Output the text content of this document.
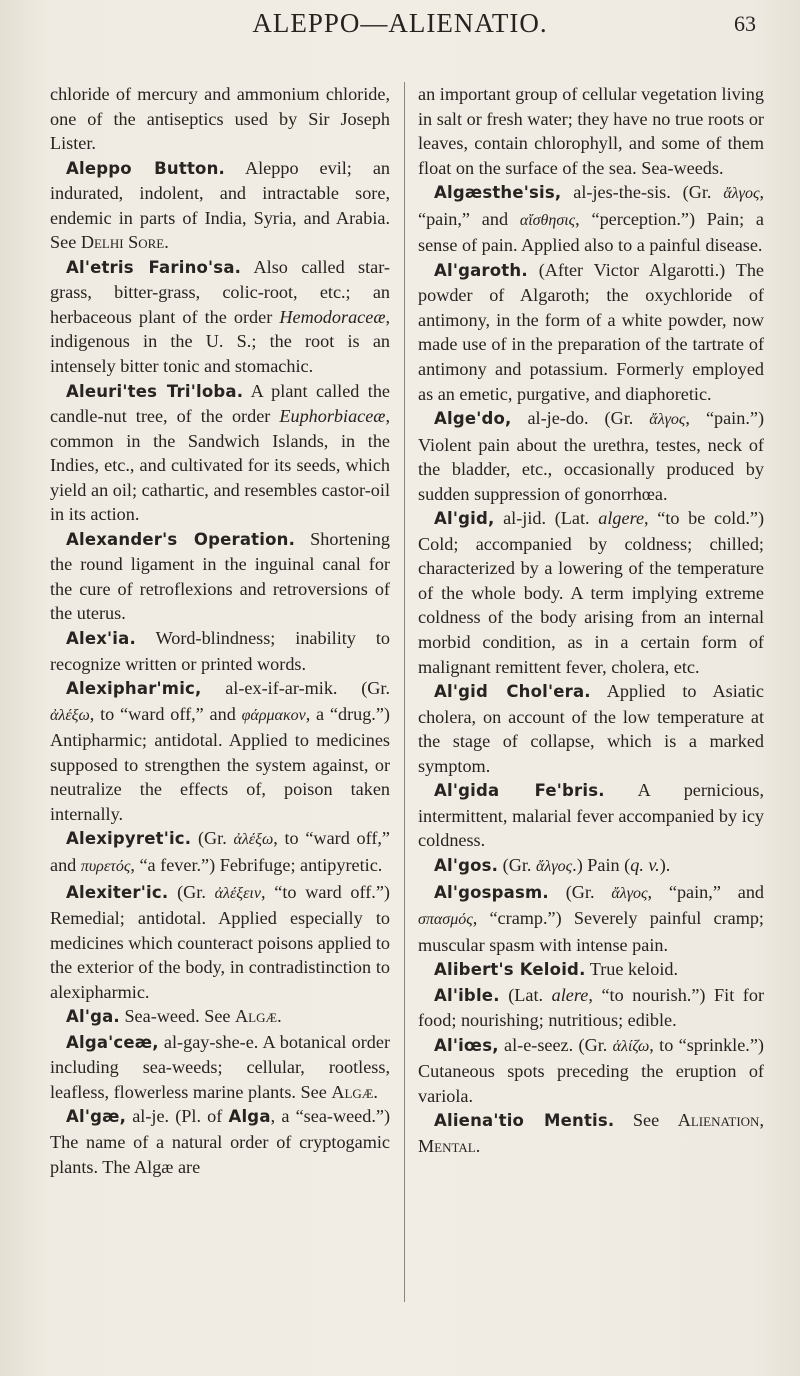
ALEPPO—ALIENATIO.	63

chloride of mercury and ammonium chloride, one of the antiseptics used by Sir Joseph Lister.

Aleppo Button. Aleppo evil; an indurated, indolent, and intractable sore, endemic in parts of India, Syria, and Arabia. See Delhi Sore.

Al'etris Farino'sa. Also called star-grass, bitter-grass, colic-root, etc.; an herbaceous plant of the order Hemodoraceæ, indigenous in the U. S.; the root is an intensely bitter tonic and stomachic.

Aleuri'tes Tri'loba. A plant called the candle-nut tree, of the order Euphorbiaceæ, common in the Sandwich Islands, in the Indies, etc., and cultivated for its seeds, which yield an oil; cathartic, and resembles castor-oil in its action.

Alexander's Operation. Shortening the round ligament in the inguinal canal for the cure of retroflexions and retroversions of the uterus.

Alex'ia. Word-blindness; inability to recognize written or printed words.

Alexiphar'mic, al-ex-if-ar-mik. (Gr. ἀλέξω, to “ward off,” and φάρμακον, a “drug.”) Antipharmic; antidotal. Applied to medicines supposed to strengthen the system against, or neutralize the effects of, poison taken internally.

Alexipyret'ic. (Gr. ἀλέξω, to “ward off,” and πυρετός, “a fever.”) Febrifuge; antipyretic.

Alexiter'ic. (Gr. ἀλέξειν, “to ward off.”) Remedial; antidotal. Applied especially to medicines which counteract poisons applied to the exterior of the body, in contradistinction to alexipharmic.

Al'ga. Sea-weed. See Algæ.

Alga'ceæ, al-gay-she-e. A botanical order including sea-weeds; cellular, rootless, leafless, flowerless marine plants. See Algæ.

Al'gæ, al-je. (Pl. of Alga, a “sea-weed.”) The name of a natural order of cryptogamic plants. The Algæ are

an important group of cellular vegetation living in salt or fresh water; they have no true roots or leaves, contain chlorophyll, and some of them float on the surface of the sea. Sea-weeds.

Algæsthe'sis, al-jes-the-sis. (Gr. ἄλγος, “pain,” and αἴσθησις, “perception.”) Pain; a sense of pain. Applied also to a painful disease.

Al'garoth. (After Victor Algarotti.) The powder of Algaroth; the oxychloride of antimony, in the form of a white powder, now made use of in the preparation of the tartrate of antimony and potassium. Formerly employed as an emetic, purgative, and diaphoretic.

Alge'do, al-je-do. (Gr. ἄλγος, “pain.”) Violent pain about the urethra, testes, neck of the bladder, etc., occasionally produced by sudden suppression of gonorrhœa.

Al'gid, al-jid. (Lat. algere, “to be cold.”) Cold; accompanied by coldness; chilled; characterized by a lowering of the temperature of the whole body. A term implying extreme coldness of the body arising from an internal morbid condition, as in a certain form of malignant remittent fever, cholera, etc.

Al'gid Chol'era. Applied to Asiatic cholera, on account of the low temperature at the stage of collapse, which is a marked symptom.

Al'gida Fe'bris. A pernicious, intermittent, malarial fever accompanied by icy coldness.

Al'gos. (Gr. ἄλγος.) Pain (q. v.).

Al'gospasm. (Gr. ἄλγος, “pain,” and σπασμός, “cramp.”) Severely painful cramp; muscular spasm with intense pain.

Alibert's Keloid. True keloid.

Al'ible. (Lat. alere, “to nourish.”) Fit for food; nourishing; nutritious; edible.

Al'iœs, al-e-seez. (Gr. ἁλίζω, to “sprinkle.”) Cutaneous spots preceding the eruption of variola.

Aliena'tio Mentis. See Alienation, Mental.
